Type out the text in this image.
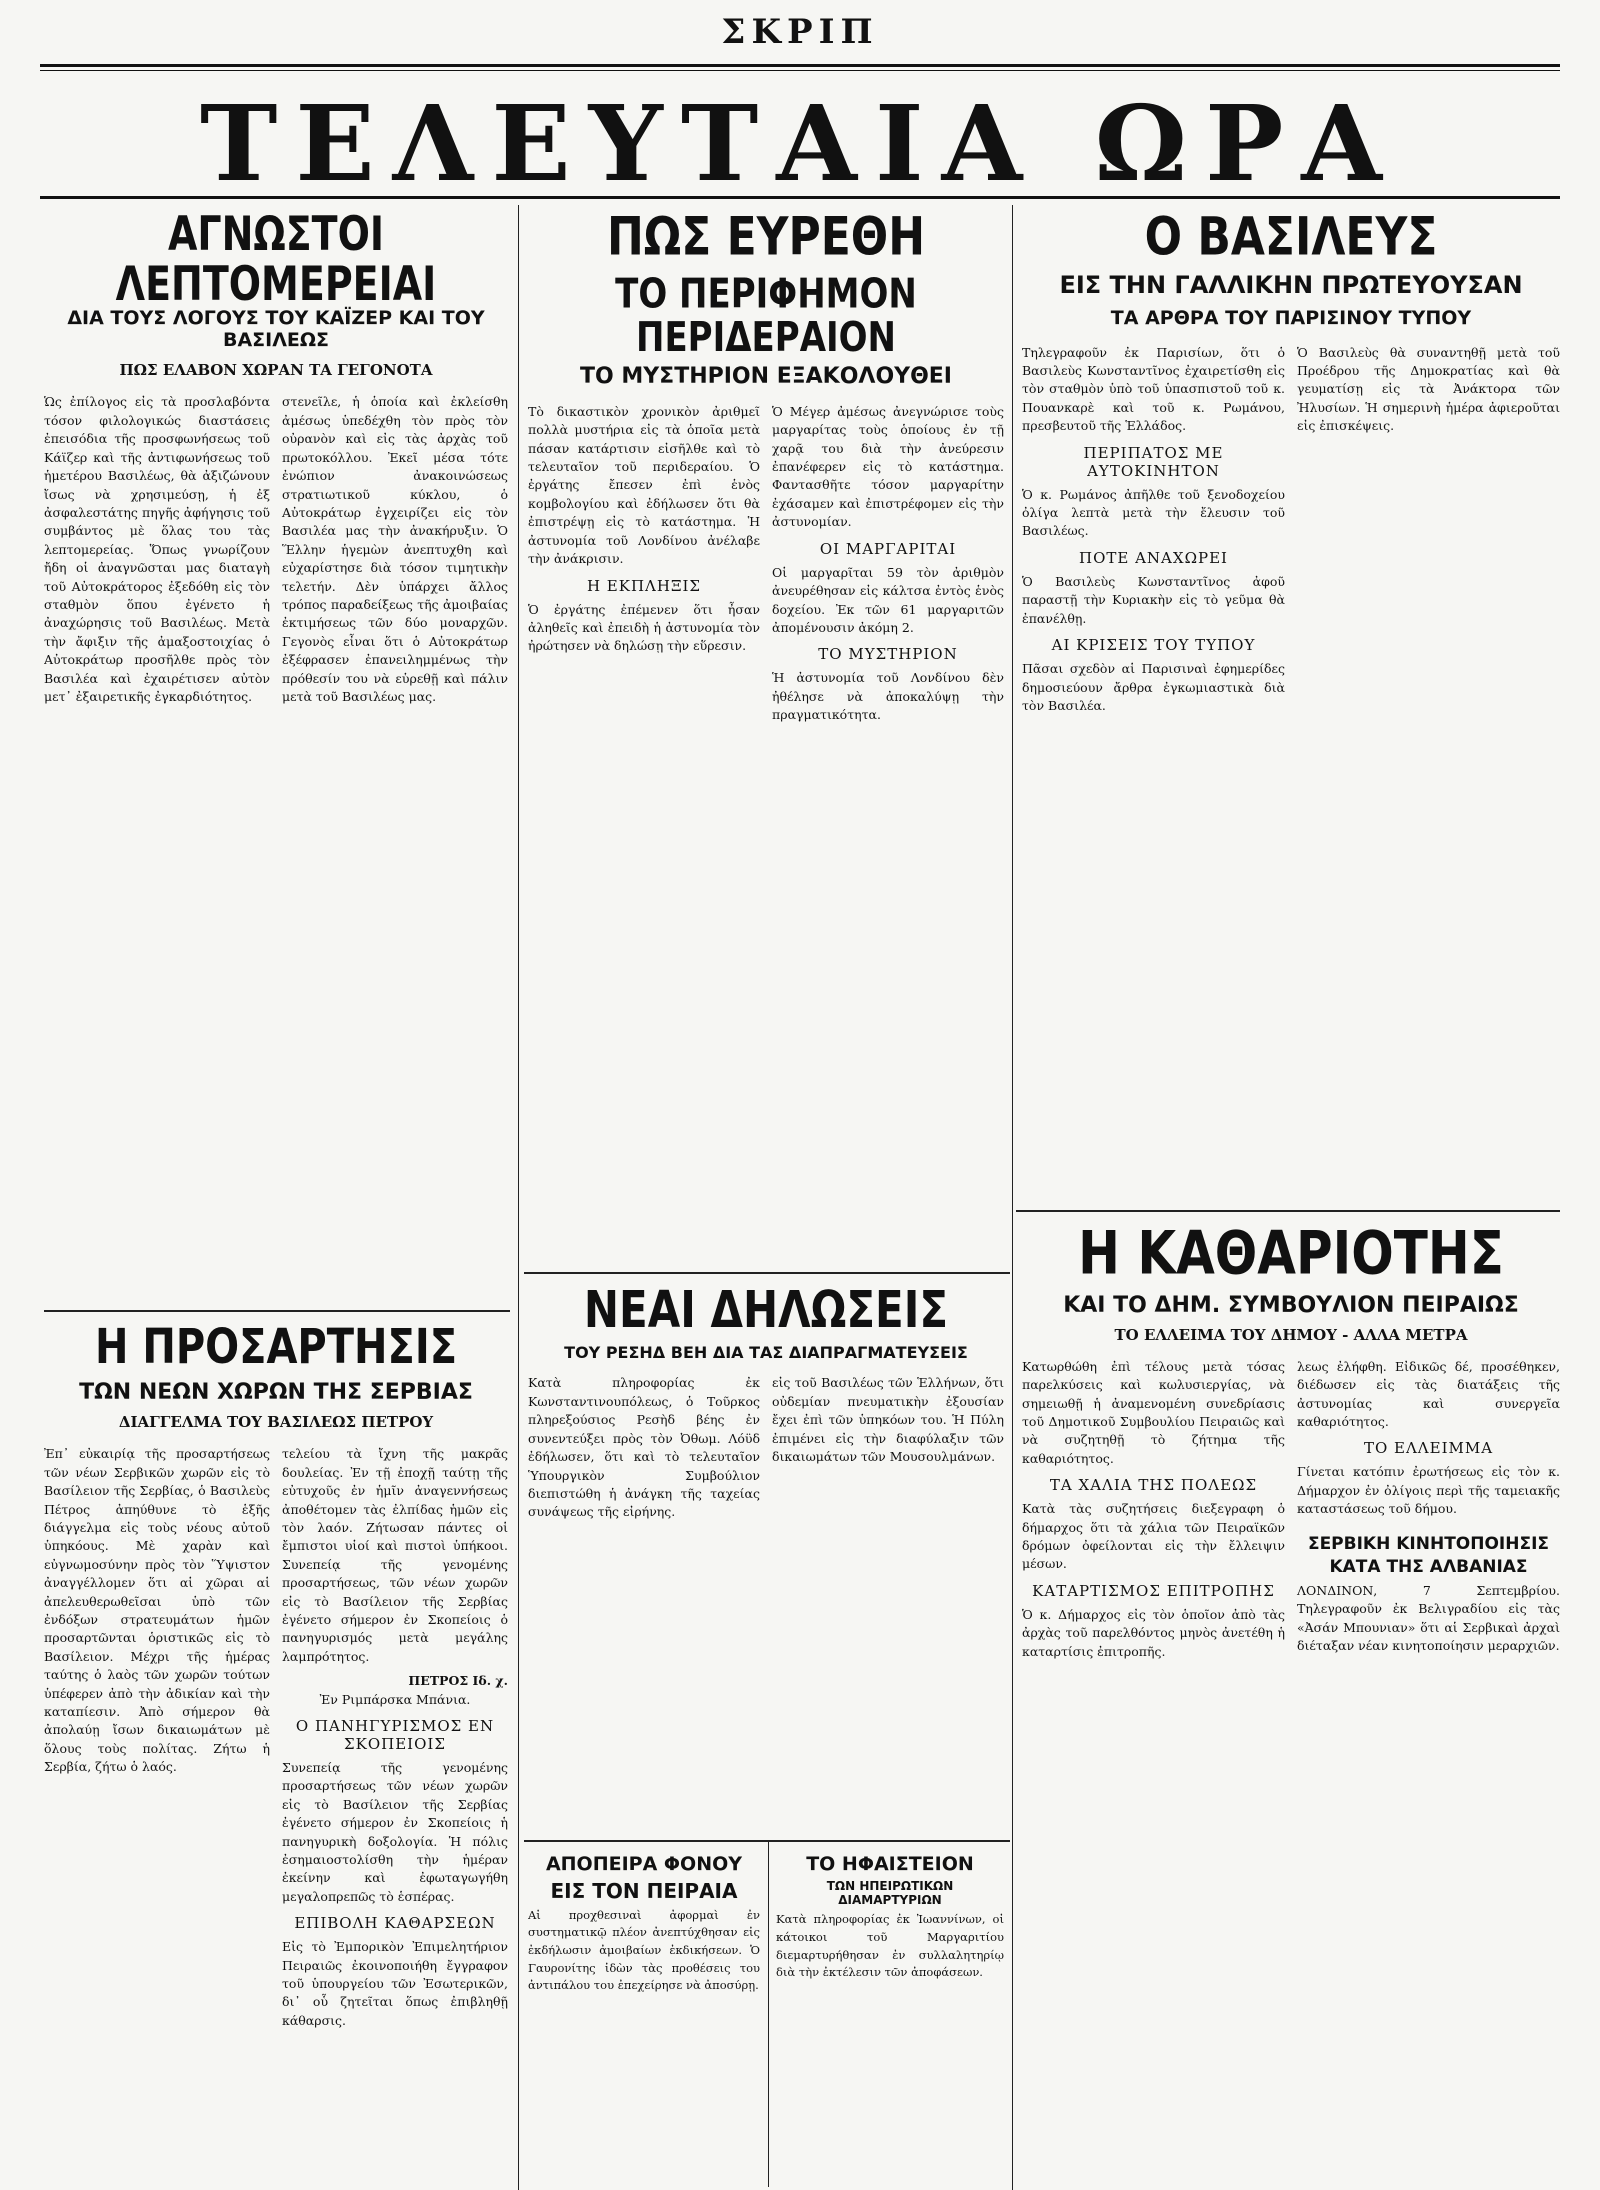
ΣΚΡΙΠ
ΤΕΛΕΥΤΑΙΑ ΩΡΑ
ΑΓΝΩΣΤΟΙ ΛΕΠΤΟΜΕΡΕΙΑΙ
ΔΙΑ ΤΟΥΣ ΛΟΓΟΥΣ ΤΟΥ ΚΑΪΖΕΡ ΚΑΙ ΤΟΥ ΒΑΣΙΛΕΩΣ
ΠΩΣ ΕΛΑΒΟΝ ΧΩΡΑΝ ΤΑ ΓΕΓΟΝΟΤΑ
Ὡς ἐπίλογος εἰς τὰ προσλαβόντα τόσον φιλολογικώς διαστάσεις ἐπεισόδια τῆς προσφωνήσεως τοῦ Κάϊζερ καὶ τῆς ἀντιφωνήσεως τοῦ ἡμετέρου Βασιλέως, θὰ ἀξιζώνουν ἴσως νὰ χρησιμεύσῃ, ἡ ἐξ ἀσφαλεστάτης πηγῆς ἀφήγησις τοῦ συμβάντος μὲ ὅλας του τὰς λεπτομερείας. Ὅπως γνωρίζουν ἤδη οἱ ἀναγνῶσται μας διαταγὴ τοῦ Αὐτοκράτορος ἐξεδόθη εἰς τὸν σταθμὸν ὅπου ἐγένετο ἡ ἀναχώρησις τοῦ Βασιλέως. Μετὰ τὴν ἄφιξιν τῆς ἀμαξοστοιχίας ὁ Αὐτοκράτωρ προσῆλθε πρὸς τὸν Βασιλέα καὶ ἐχαιρέτισεν αὐτὸν μετ᾽ ἐξαιρετικῆς ἐγκαρδιότητος.
στενεῖλε, ἡ ὁποία καὶ ἐκλείσθη ἀμέσως ὑπεδέχθη τὸν πρὸς τὸν οὐρανὸν καὶ εἰς τὰς ἀρχὰς τοῦ πρωτοκόλλου. Ἐκεῖ μέσα τότε ἐνώπιον ἀνακοινώσεως στρατιωτικοῦ κύκλου, ὁ Αὐτοκράτωρ ἐγχειρίζει εἰς τὸν Βασιλέα μας τὴν ἀνακήρυξιν. Ὁ Ἕλλην ἡγεμὼν ἀνεπτυχθη καὶ εὐχαρίστησε διὰ τόσον τιμητικὴν τελετήν. Δὲν ὑπάρχει ἄλλος τρόπος παραδείξεως τῆς ἀμοιβαίας ἐκτιμήσεως τῶν δύο μοναρχῶν. Γεγονὸς εἶναι ὅτι ὁ Αὐτοκράτωρ ἐξέφρασεν ἐπανειλημμένως τὴν πρόθεσίν του νὰ εὑρεθῇ καὶ πάλιν μετὰ τοῦ Βασιλέως μας.
Η ΠΡΟΣΑΡΤΗΣΙΣ
ΤΩΝ ΝΕΩΝ ΧΩΡΩΝ ΤΗΣ ΣΕΡΒΙΑΣ
ΔΙΑΓΓΕΛΜΑ ΤΟΥ ΒΑΣΙΛΕΩΣ ΠΕΤΡΟΥ
Ἐπ᾽ εὐκαιρίᾳ τῆς προσαρτήσεως τῶν νέων Σερβικῶν χωρῶν εἰς τὸ Βασίλειον τῆς Σερβίας, ὁ Βασιλεὺς Πέτρος ἀπηύθυνε τὸ ἑξῆς διάγγελμα εἰς τοὺς νέους αὐτοῦ ὑπηκόους. Μὲ χαρὰν καὶ εὐγνωμοσύνην πρὸς τὸν Ὕψιστον ἀναγγέλλομεν ὅτι αἱ χῶραι αἱ ἀπελευθερωθεῖσαι ὑπὸ τῶν ἐνδόξων στρατευμάτων ἡμῶν προσαρτῶνται ὁριστικῶς εἰς τὸ Βασίλειον. Μέχρι τῆς ἡμέρας ταύτης ὁ λαὸς τῶν χωρῶν τούτων ὑπέφερεν ἀπὸ τὴν ἀδικίαν καὶ τὴν καταπίεσιν. Ἀπὸ σήμερον θὰ ἀπολαύῃ ἴσων δικαιωμάτων μὲ ὅλους τοὺς πολίτας. Ζήτω ἡ Σερβία, ζήτω ὁ λαός.
τελείου τὰ ἴχνη τῆς μακρᾶς δουλείας. Ἐν τῇ ἐποχῇ ταύτῃ τῆς εὐτυχοῦς ἐν ἡμῖν ἀναγεννήσεως ἀποθέτομεν τὰς ἐλπίδας ἡμῶν εἰς τὸν λαόν. Ζήτωσαν πάντες οἱ ἔμπιστοι υἱοί καὶ πιστοὶ ὑπήκοοι. Συνεπείᾳ τῆς γενομένης προσαρτήσεως, τῶν νέων χωρῶν εἰς τὸ Βασίλειον τῆς Σερβίας ἐγένετο σήμερον ἐν Σκοπείοις ὁ πανηγυρισμός μετὰ μεγάλης λαμπρότητος.
ΠΕΤΡΟΣ Ιδ. χ.
Ἐν Ριμπάρσκα Μπάνια.
Ο ΠΑΝΗΓΥΡΙΣΜΟΣ ΕΝ ΣΚΟΠΕΙΟΙΣ
Συνεπείᾳ τῆς γενομένης προσαρτήσεως τῶν νέων χωρῶν εἰς τὸ Βασίλειον τῆς Σερβίας ἐγένετο σήμερον ἐν Σκοπείοις ἡ πανηγυρικὴ δοξολογία. Ἡ πόλις ἐσημαιοστολίσθη τὴν ἡμέραν ἐκείνην καὶ ἐφωταγωγήθη μεγαλοπρεπῶς τὸ ἑσπέρας.
ΕΠΙΒΟΛΗ ΚΑΘΑΡΣΕΩΝ
Εἰς τὸ Ἐμπορικὸν Ἐπιμελητήριον Πειραιῶς ἐκοινοποιήθη ἔγγραφον τοῦ ὑπουργείου τῶν Ἐσωτερικῶν, δι᾽ οὗ ζητεῖται ὅπως ἐπιβληθῇ κάθαρσις.
ΠΩΣ ΕΥΡΕΘΗ
ΤΟ ΠΕΡΙΦΗΜΟΝ ΠΕΡΙΔΕΡΑΙΟΝ
ΤΟ ΜΥΣΤΗΡΙΟΝ ΕΞΑΚΟΛΟΥΘΕΙ
Τὸ δικαστικὸν χρονικὸν ἀριθμεῖ πολλὰ μυστήρια εἰς τὰ ὁποῖα μετὰ πάσαν κατάρτισιν εἰσῆλθε καὶ τὸ τελευταῖον τοῦ περιδεραίου. Ὁ ἐργάτης ἔπεσεν ἐπὶ ἑνὸς κομβολογίου καὶ ἐδήλωσεν ὅτι θὰ ἐπιστρέψῃ εἰς τὸ κατάστημα. Ἡ ἀστυνομία τοῦ Λονδίνου ἀνέλαβε τὴν ἀνάκρισιν.
Η ΕΚΠΛΗΞΙΣ
Ὁ ἐργάτης ἐπέμενεν ὅτι ἦσαν ἀληθεῖς καὶ ἐπειδὴ ἡ ἀστυνομία τὸν ἠρώτησεν νὰ δηλώσῃ τὴν εὕρεσιν.
Ὁ Μέγερ ἀμέσως ἀνεγνώρισε τοὺς μαργαρίτας τοὺς ὁποίους ἐν τῇ χαρᾷ του διὰ τὴν ἀνεύρεσιν ἐπανέφερεν εἰς τὸ κατάστημα. Φαντασθῆτε τόσον μαργαρίτην ἐχάσαμεν καὶ ἐπιστρέφομεν εἰς τὴν ἀστυνομίαν.
ΟΙ ΜΑΡΓΑΡΙΤΑΙ
Οἱ μαργαρῖται 59 τὸν ἀριθμὸν ἀνευρέθησαν εἰς κάλτσα ἐντὸς ἑνὸς δοχείου. Ἐκ τῶν 61 μαργαριτῶν ἀπομένουσιν ἀκόμη 2.
ΤΟ ΜΥΣΤΗΡΙΟΝ
Ἡ ἀστυνομία τοῦ Λονδίνου δὲν ἠθέλησε νὰ ἀποκαλύψῃ τὴν πραγματικότητα.
ΝΕΑΙ ΔΗΛΩΣΕΙΣ
ΤΟΥ ΡΕΣΗΔ ΒΕΗ ΔΙΑ ΤΑΣ ΔΙΑΠΡΑΓΜΑΤΕΥΣΕΙΣ
Κατὰ πληροφορίας ἐκ Κωνσταντινουπόλεως, ὁ Τοῦρκος πληρεξούσιος Ρεσὴδ βέης ἐν συνεντεύξει πρὸς τὸν Ὀθωμ. Λόϋδ ἐδήλωσεν, ὅτι καὶ τὸ τελευταῖον Ὑπουργικὸν Συμβούλιον διεπιστώθη ἡ ἀνάγκη τῆς ταχείας συνάψεως τῆς εἰρήνης.
εἰς τοῦ Βασιλέως τῶν Ἑλλήνων, ὅτι οὐδεμίαν πνευματικὴν ἐξουσίαν ἔχει ἐπὶ τῶν ὑπηκόων του. Ἡ Πύλη ἐπιμένει εἰς τὴν διαφύλαξιν τῶν δικαιωμάτων τῶν Μουσουλμάνων.
ΑΠΟΠΕΙΡΑ ΦΟΝΟΥ
ΕΙΣ ΤΟΝ ΠΕΙΡΑΙΑ
Αἱ προχθεσιναὶ ἀφορμαὶ ἐν συστηματικῷ πλέον ἀνεπτύχθησαν εἰς ἐκδήλωσιν ἀμοιβαίων ἐκδικήσεων. Ὁ Γαυρονίτης ἰδὼν τὰς προθέσεις του ἀντιπάλου του ἐπεχείρησε νὰ ἀποσύρῃ.
ΤΟ ΗΦΑΙΣΤΕΙΟΝ
ΤΩΝ ΗΠΕΙΡΩΤΙΚΩΝ ΔΙΑΜΑΡΤΥΡΙΩΝ
Κατὰ πληροφορίας ἐκ Ἰωαννίνων, οἱ κάτοικοι τοῦ Μαργαριτίου διεμαρτυρήθησαν ἐν συλλαλητηρίῳ διὰ τὴν ἐκτέλεσιν τῶν ἀποφάσεων.
Ο ΒΑΣΙΛΕΥΣ
ΕΙΣ ΤΗΝ ΓΑΛΛΙΚΗΝ ΠΡΩΤΕΥΟΥΣΑΝ
ΤΑ ΑΡΘΡΑ ΤΟΥ ΠΑΡΙΣΙΝΟΥ ΤΥΠΟΥ
Τηλεγραφοῦν ἐκ Παρισίων, ὅτι ὁ Βασιλεὺς Κωνσταντῖνος ἐχαιρετίσθη εἰς τὸν σταθμὸν ὑπὸ τοῦ ὑπασπιστοῦ τοῦ κ. Πουανκαρὲ καὶ τοῦ κ. Ρωμάνου, πρεσβευτοῦ τῆς Ἑλλάδος.
ΠΕΡΙΠΑΤΟΣ ΜΕ ΑΥΤΟΚΙΝΗΤΟΝ
Ὁ κ. Ρωμάνος ἀπῆλθε τοῦ ξενοδοχείου ὀλίγα λεπτὰ μετὰ τὴν ἔλευσιν τοῦ Βασιλέως.
ΠΟΤΕ ΑΝΑΧΩΡΕΙ
Ὁ Βασιλεὺς Κωνσταντῖνος ἀφοῦ παραστῇ τὴν Κυριακὴν εἰς τὸ γεῦμα θὰ ἐπανέλθῃ.
ΑΙ ΚΡΙΣΕΙΣ ΤΟΥ ΤΥΠΟΥ
Πᾶσαι σχεδὸν αἱ Παρισιναὶ ἐφημερίδες δημοσιεύουν ἄρθρα ἐγκωμιαστικὰ διὰ τὸν Βασιλέα.
Ὁ Βασιλεὺς θὰ συναντηθῇ μετὰ τοῦ Προέδρου τῆς Δημοκρατίας καὶ θὰ γευματίσῃ εἰς τὰ Ἀνάκτορα τῶν Ἠλυσίων. Ἡ σημερινὴ ἡμέρα ἀφιεροῦται εἰς ἐπισκέψεις.
Η ΚΑΘΑΡΙΟΤΗΣ
ΚΑΙ ΤΟ ΔΗΜ. ΣΥΜΒΟΥΛΙΟΝ ΠΕΙΡΑΙΩΣ
ΤΟ ΕΛΛΕΙΜΑ ΤΟΥ ΔΗΜΟΥ - ΑΛΛΑ ΜΕΤΡΑ
Κατωρθώθη ἐπὶ τέλους μετὰ τόσας παρελκύσεις καὶ κωλυσιεργίας, νὰ σημειωθῇ ἡ ἀναμενομένη συνεδρίασις τοῦ Δημοτικοῦ Συμβουλίου Πειραιῶς καὶ νὰ συζητηθῇ τὸ ζήτημα τῆς καθαριότητος.
ΤΑ ΧΑΛΙΑ ΤΗΣ ΠΟΛΕΩΣ
Κατὰ τὰς συζητήσεις διεξεγραφη ὁ δήμαρχος ὅτι τὰ χάλια τῶν Πειραϊκῶν δρόμων ὀφείλονται εἰς τὴν ἔλλειψιν μέσων.
ΚΑΤΑΡΤΙΣΜΟΣ ΕΠΙΤΡΟΠΗΣ
Ὁ κ. Δήμαρχος εἰς τὸν ὁποῖον ἀπὸ τὰς ἀρχὰς τοῦ παρελθόντος μηνὸς ἀνετέθη ἡ καταρτίσις ἐπιτροπῆς.
λεως ἐλήφθη. Εἰδικῶς δέ, προσέθηκεν, διέδωσεν εἰς τὰς διατάξεις τῆς ἀστυνομίας καὶ συνεργεῖα καθαριότητος.
ΤΟ ΕΛΛΕΙΜΜΑ
Γίνεται κατόπιν ἐρωτήσεως εἰς τὸν κ. Δήμαρχον ἐν ὀλίγοις περὶ τῆς ταμειακῆς καταστάσεως τοῦ δήμου.
ΣΕΡΒΙΚΗ ΚΙΝΗΤΟΠΟΙΗΣΙΣ
ΚΑΤΑ ΤΗΣ ΑΛΒΑΝΙΑΣ
ΛΟΝΔΙΝΟΝ, 7 Σεπτεμβρίου. Τηλεγραφοῦν ἐκ Βελιγραδίου εἰς τὰς «Ἀσάν Μπουνιαν» ὅτι αἱ Σερβικαὶ ἀρχαὶ διέταξαν νέαν κινητοποίησιν μεραρχιῶν.
